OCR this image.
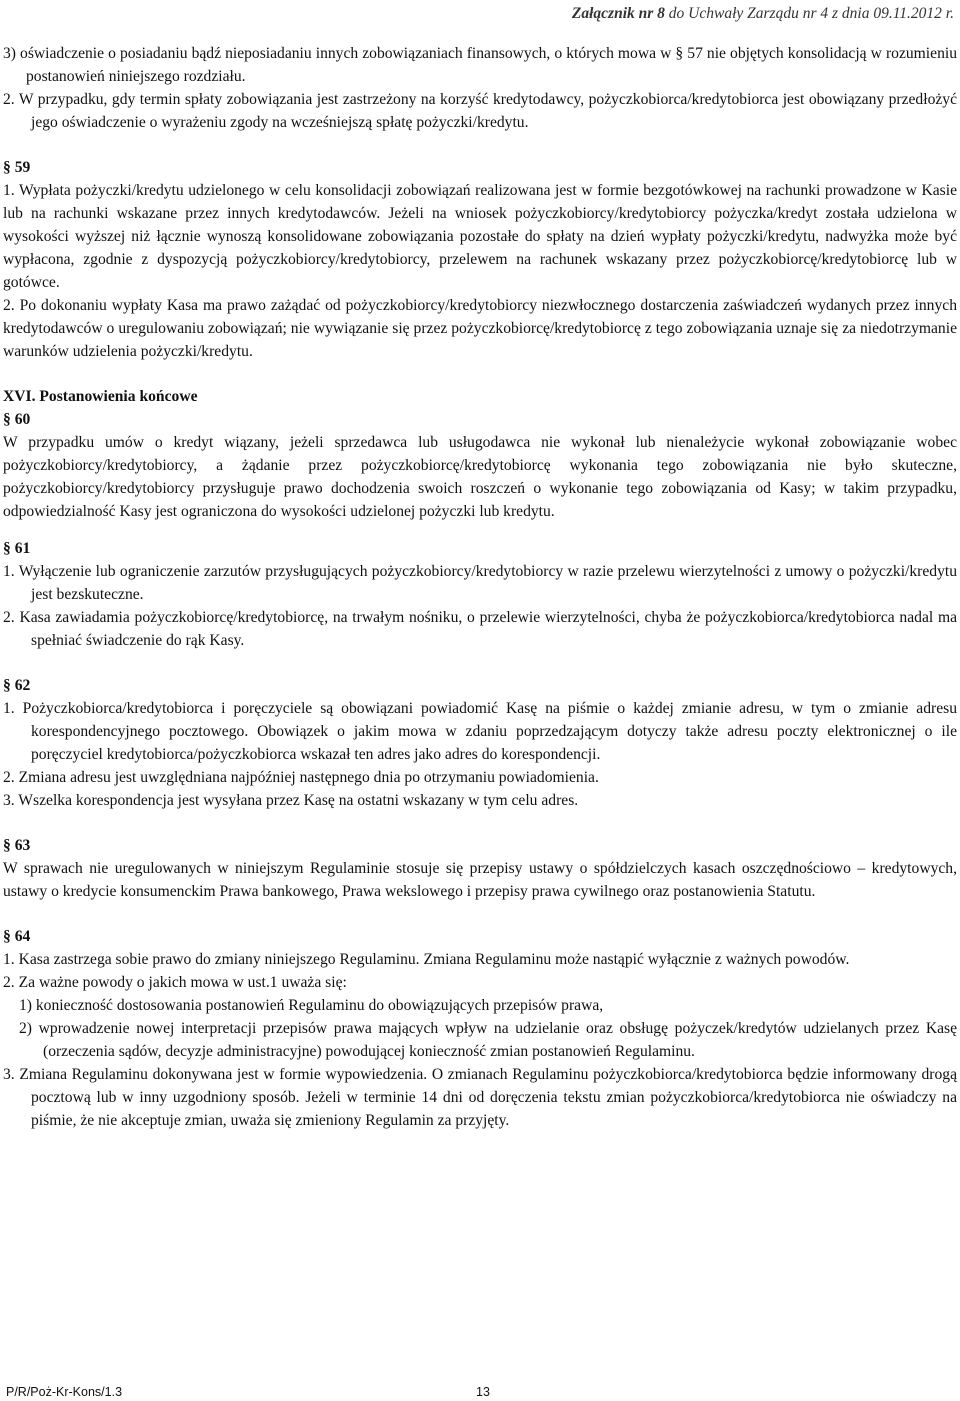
Załącznik nr 8 do Uchwały Zarządu nr 4 z dnia 09.11.2012 r.

3) oświadczenie o posiadaniu bądź nieposiadaniu innych zobowiązaniach finansowych, o których mowa w § 57 nie objętych konsolidacją w rozumieniu postanowień niniejszego rozdziału.

2. W przypadku, gdy termin spłaty zobowiązania jest zastrzeżony na korzyść kredytodawcy, pożyczkobiorca/kredytobiorca jest obowiązany przedłożyć jego oświadczenie o wyrażeniu zgody na wcześniejszą spłatę pożyczki/kredytu.

§ 59

1. Wypłata pożyczki/kredytu udzielonego w celu konsolidacji zobowiązań realizowana jest w formie bezgotówkowej na rachunki prowadzone w Kasie lub na rachunki wskazane przez innych kredytodawców. Jeżeli na wniosek pożyczkobiorcy/kredytobiorcy pożyczka/kredyt została udzielona w wysokości wyższej niż łącznie wynoszą konsolidowane zobowiązania pozostałe do spłaty na dzień wypłaty pożyczki/kredytu, nadwyżka może być wypłacona, zgodnie z dyspozycją pożyczkobiorcy/kredytobiorcy, przelewem na rachunek wskazany przez pożyczkobiorcę/kredytobiorcę lub w gotówce.

2. Po dokonaniu wypłaty Kasa ma prawo zażądać od pożyczkobiorcy/kredytobiorcy niezwłocznego dostarczenia zaświadczeń wydanych przez innych kredytodawców o uregulowaniu zobowiązań; nie wywiązanie się przez pożyczkobiorcę/kredytobiorcę z tego zobowiązania uznaje się za niedotrzymanie warunków udzielenia pożyczki/kredytu.

XVI. Postanowienia końcowe

§ 60

W przypadku umów o kredyt wiązany, jeżeli sprzedawca lub usługodawca nie wykonał lub nienależycie wykonał zobowiązanie wobec pożyczkobiorcy/kredytobiorcy, a żądanie przez pożyczkobiorcę/kredytobiorcę wykonania tego zobowiązania nie było skuteczne, pożyczkobiorcy/kredytobiorcy przysługuje prawo dochodzenia swoich roszczeń o wykonanie tego zobowiązania od Kasy; w takim przypadku, odpowiedzialność Kasy jest ograniczona do wysokości udzielonej pożyczki lub kredytu.

§ 61

1. Wyłączenie lub ograniczenie zarzutów przysługujących pożyczkobiorcy/kredytobiorcy w razie przelewu wierzytelności z umowy o pożyczki/kredytu jest bezskuteczne.

2. Kasa zawiadamia pożyczkobiorcę/kredytobiorcę, na trwałym nośniku, o przelewie wierzytelności, chyba że pożyczkobiorca/kredytobiorca nadal ma spełniać świadczenie do rąk Kasy.

§ 62

1. Pożyczkobiorca/kredytobiorca i poręczyciele są obowiązani powiadomić Kasę na piśmie o każdej zmianie adresu, w tym o zmianie adresu korespondencyjnego pocztowego. Obowiązek o jakim mowa w zdaniu poprzedzającym dotyczy także adresu poczty elektronicznej o ile poręczyciel kredytobiorca/pożyczkobiorca wskazał ten adres jako adres do korespondencji.

2. Zmiana adresu jest uwzględniana najpóźniej następnego dnia po otrzymaniu powiadomienia.

3. Wszelka korespondencja jest wysyłana przez Kasę na ostatni wskazany w tym celu adres.

§ 63

W sprawach nie uregulowanych w niniejszym Regulaminie stosuje się przepisy ustawy o spółdzielczych kasach oszczędnościowo – kredytowych, ustawy o kredycie konsumenckim Prawa bankowego, Prawa wekslowego i przepisy prawa cywilnego oraz postanowienia Statutu.

§ 64

1. Kasa zastrzega sobie prawo do zmiany niniejszego Regulaminu. Zmiana Regulaminu może nastąpić wyłącznie z ważnych powodów.

2. Za ważne powody o jakich mowa w ust.1 uważa się:

1) konieczność dostosowania postanowień Regulaminu do obowiązujących przepisów prawa,

2) wprowadzenie nowej interpretacji przepisów prawa mających wpływ na udzielanie oraz obsługę pożyczek/kredytów udzielanych przez Kasę (orzeczenia sądów, decyzje administracyjne) powodującej konieczność zmian postanowień Regulaminu.

3. Zmiana Regulaminu dokonywana jest w formie wypowiedzenia. O zmianach Regulaminu pożyczkobiorca/kredytobiorca będzie informowany drogą pocztową lub w inny uzgodniony sposób. Jeżeli w terminie 14 dni od doręczenia tekstu zmian pożyczkobiorca/kredytobiorca nie oświadczy na piśmie, że nie akceptuje zmian, uważa się zmieniony Regulamin za przyjęty.

P/R/Poż-Kr-Kons/1.3	13
